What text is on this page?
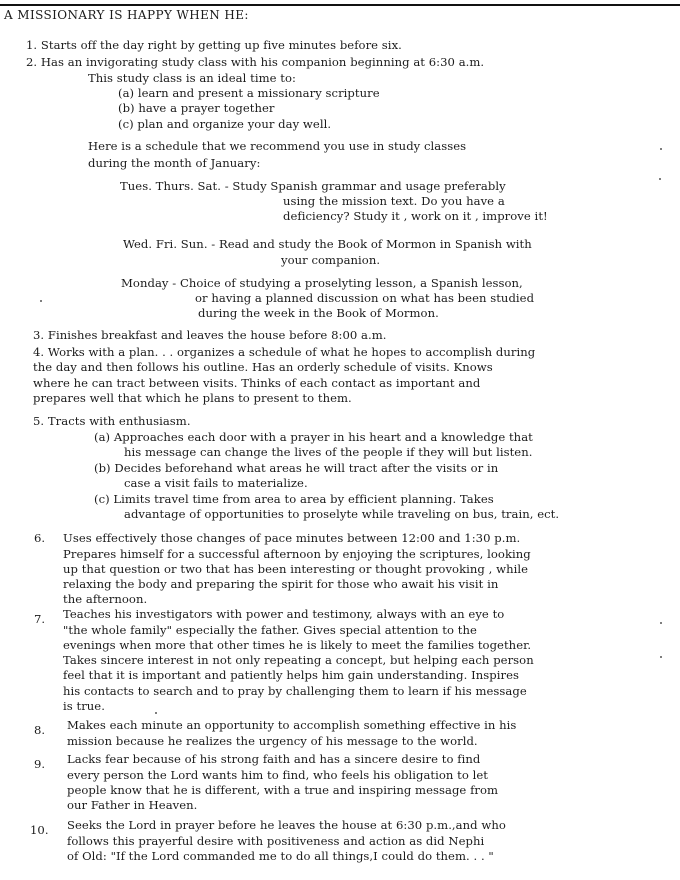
A MISSIONARY IS HAPPY WHEN HE:
1. Starts off the day right by getting up five minutes before six.
2. Has an invigorating study class with his companion beginning at 6:30 a.m.
This study class is an ideal time to:
(a) learn and present a missionary scripture
(b) have a prayer together
(c) plan and organize your day well.
Here is a schedule that we recommend you use in study classes
during the month of January:
Tues. Thurs. Sat. - Study Spanish grammar and usage preferably
using the mission text. Do you have a
deficiency? Study it , work on it , improve it!
Wed. Fri. Sun. - Read and study the Book of Mormon in Spanish with
your companion.
Monday - Choice of studying a proselyting lesson, a Spanish lesson,
or having a planned discussion on what has been studied
during the week in the Book of Mormon.
3. Finishes breakfast and leaves the house before 8:00 a.m.
4. Works with a plan. . . organizes a schedule of what he hopes to accomplish during
the day and then follows his outline. Has an orderly schedule of visits. Knows
where he can tract between visits. Thinks of each contact as important and
prepares well that which he plans to present to them.
5. Tracts with enthusiasm.
(a) Approaches each door with a prayer in his heart and a knowledge that
his message can change the lives of the people if they will but listen.
(b) Decides beforehand what areas he will tract after the visits or in
case a visit fails to materialize.
(c) Limits travel time from area to area by efficient planning. Takes
advantage of opportunities to proselyte while traveling on bus, train, ect.
6. Uses effectively those changes of pace minutes between 12:00 and 1:30 p.m.
Prepares himself for a successful afternoon by enjoying the scriptures, looking
up that question or two that has been interesting or thought provoking , while
relaxing the body and preparing the spirit for those who await his visit in
the afternoon.
7. Teaches his investigators with power and testimony, always with an eye to
"the whole family" especially the father. Gives special attention to the
evenings when more that other times he is likely to meet the families together.
Takes sincere interest in not only repeating a concept, but helping each person
feel that it is important and patiently helps him gain understanding. Inspires
his contacts to search and to pray by challenging them to learn if his message
is true.
8. Makes each minute an opportunity to accomplish something effective in his
mission because he realizes the urgency of his message to the world.
9. Lacks fear because of his strong faith and has a sincere desire to find
every person the Lord wants him to find, who feels his obligation to let
people know that he is different, with a true and inspiring message from
our Father in Heaven.
10. Seeks the Lord in prayer before he leaves the house at 6:30 p.m.,and who
follows this prayerful desire with positiveness and action as did Nephi
of Old: "If the Lord commanded me to do all things,I could do them. . . "
